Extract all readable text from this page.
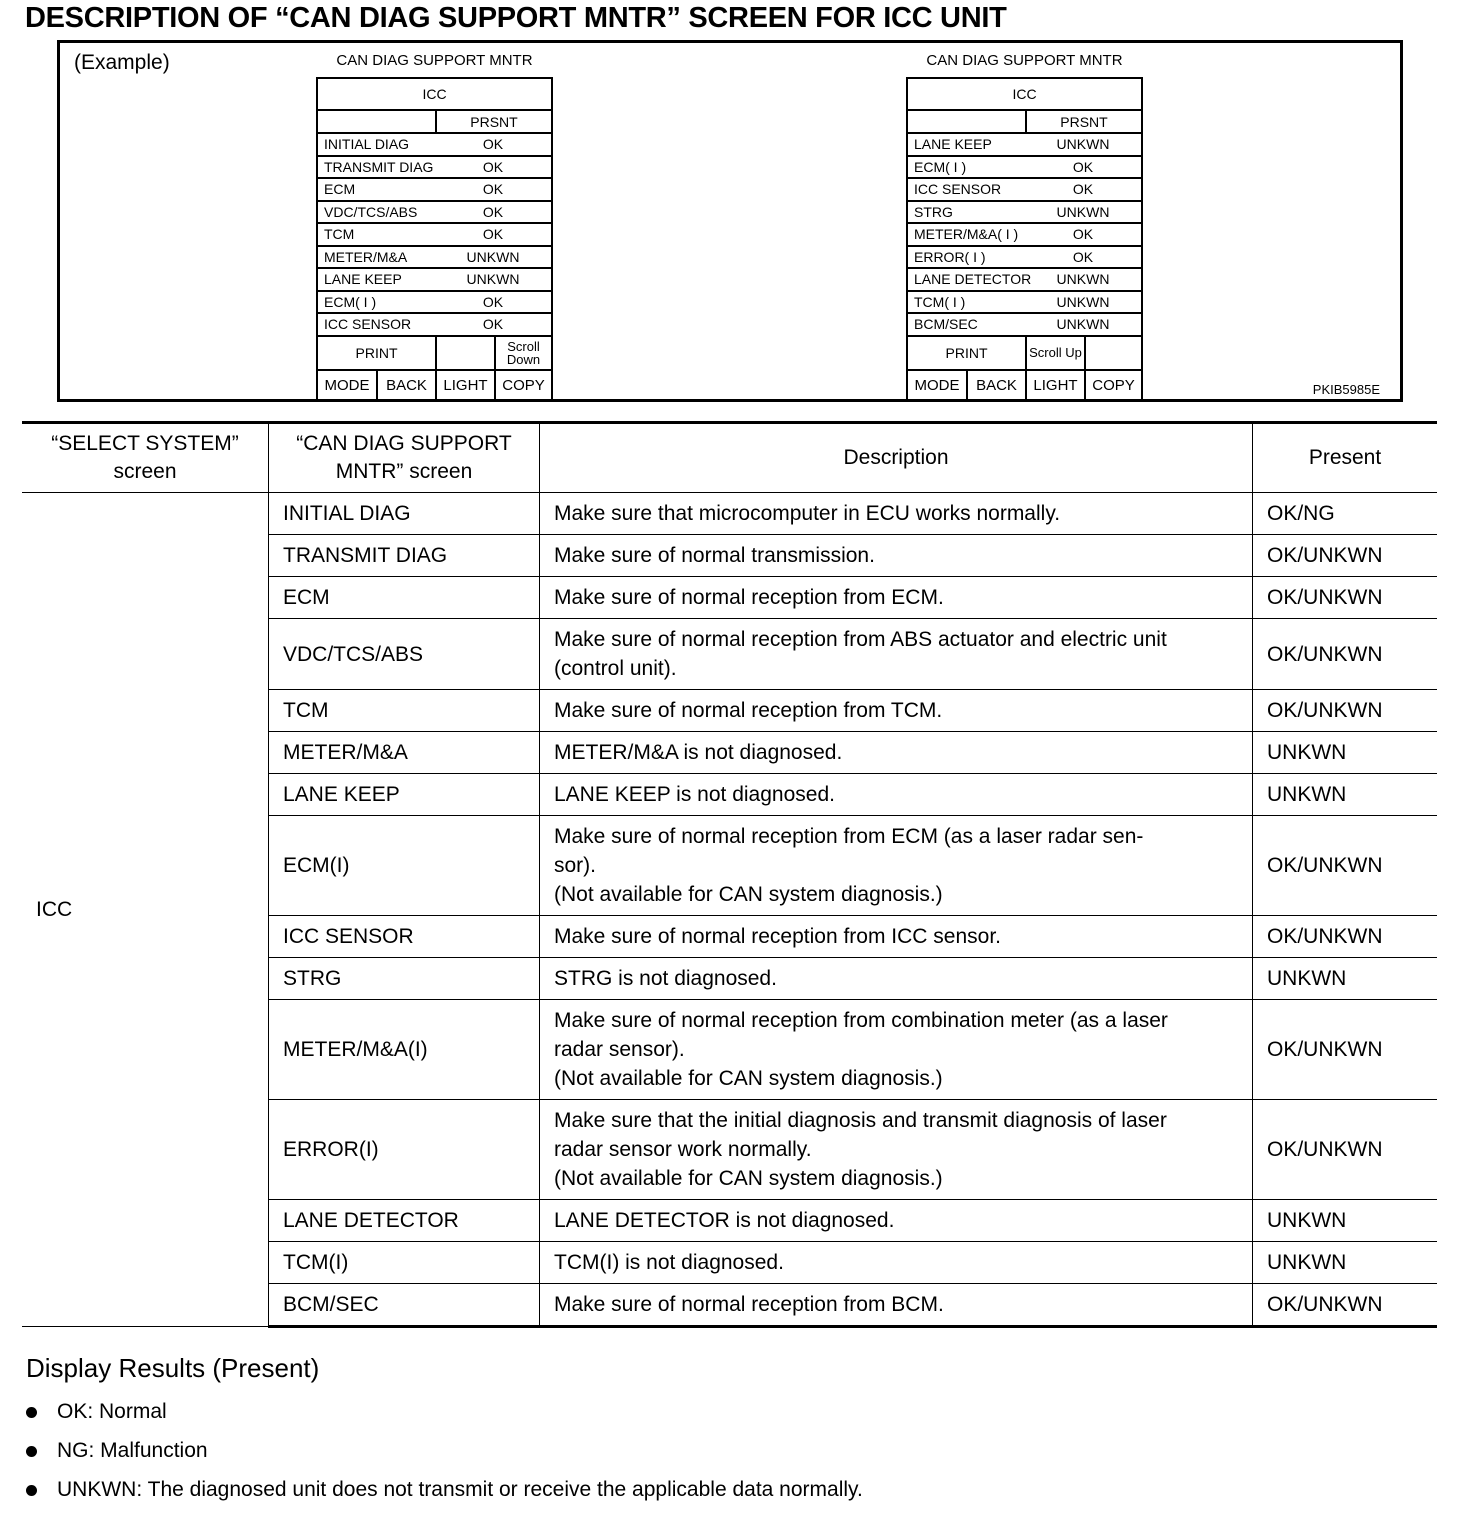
DESCRIPTION OF “CAN DIAG SUPPORT MNTR” SCREEN FOR ICC UNIT
(Example)	CAN DIAG SUPPORT MNTR
ICC
PRSNT
INITIAL DIAG	OK
TRANSMIT DIAG	OK
ECM	OK
VDC/TCS/ABS	OK
TCM	OK
METER/M&A	UNKWN
LANE KEEP	UNKWN
ECM( I )	OK
ICC SENSOR	OK
PRINT	Scroll Down
MODE	BACK	LIGHT COPY
CAN DIAG SUPPORT MNTR
ICC
PRSNT
LANE KEEP	UNKWN
ECM( I )	OK
ICC SENSOR	OK
STRG	UNKWN
METER/M&A( I )	OK
ERROR( I )	OK
LANE DETECTOR	UNKWN
TCM( I )	UNKWN
BCM/SEC	UNKWN
PRINT	Scroll Up
MODE	BACK	LIGHT COPY	PKIB5985E
“SELECT SYSTEM” screen	“CAN DIAG SUPPORT MNTR” screen	Description	Present
ICC	INITIAL DIAG	Make sure that microcomputer in ECU works normally.	OK/NG
	TRANSMIT DIAG	Make sure of normal transmission.	OK/UNKWN
	ECM	Make sure of normal reception from ECM.	OK/UNKWN
	VDC/TCS/ABS	Make sure of normal reception from ABS actuator and electric unit (control unit).	OK/UNKWN
	TCM	Make sure of normal reception from TCM.	OK/UNKWN
	METER/M&A	METER/M&A is not diagnosed.	UNKWN
	LANE KEEP	LANE KEEP is not diagnosed.	UNKWN
	ECM(I)	Make sure of normal reception from ECM (as a laser radar sen-
sor).
(Not available for CAN system diagnosis.)	OK/UNKWN
	ICC SENSOR	Make sure of normal reception from ICC sensor.	OK/UNKWN
	STRG	STRG is not diagnosed.	UNKWN
	METER/M&A(I)	Make sure of normal reception from combination meter (as a laser
radar sensor).
(Not available for CAN system diagnosis.)	OK/UNKWN
	ERROR(I)	Make sure that the initial diagnosis and transmit diagnosis of laser
radar sensor work normally.
(Not available for CAN system diagnosis.)	OK/UNKWN
	LANE DETECTOR	LANE DETECTOR is not diagnosed.	UNKWN
	TCM(I)	TCM(I) is not diagnosed.	UNKWN
	BCM/SEC	Make sure of normal reception from BCM.	OK/UNKWN
Display Results (Present)
OK: Normal
NG: Malfunction
UNKWN: The diagnosed unit does not transmit or receive the applicable data normally.
